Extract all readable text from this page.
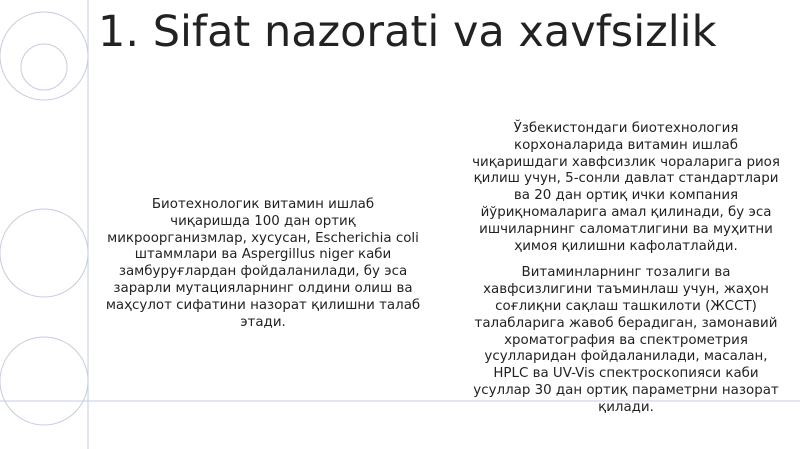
1. Sifat nazorati va xavfsizlik

Биотехнологик витамин ишлаб
чиқаришда 100 дан ортиқ
микроорганизмлар, хусусан, Escherichia coli
штаммлари ва Aspergillus niger каби
замбуруғлардан фойдаланилади, бу эса
зарарли мутацияларнинг олдини олиш ва
маҳсулот сифатини назорат қилишни талаб
этади.

Ўзбекистондаги биотехнология
корхоналарида витамин ишлаб
чиқаришдаги хавфсизлик чораларига риоя
қилиш учун, 5-сонли давлат стандартлари
ва 20 дан ортиқ ички компания
йўриқномаларига амал қилинади, бу эса
ишчиларнинг саломатлигини ва муҳитни
ҳимоя қилишни кафолатлайди.

Витаминларнинг тозалиги ва
хавфсизлигини таъминлаш учун, жаҳон
соғлиқни сақлаш ташкилоти (ЖССТ)
талабларига жавоб берадиган, замонавий
хроматография ва спектрометрия
усулларидан фойдаланилади, масалан,
HPLC ва UV-Vis спектроскопияси каби
усуллар 30 дан ортиқ параметрни назорат
қилади.
